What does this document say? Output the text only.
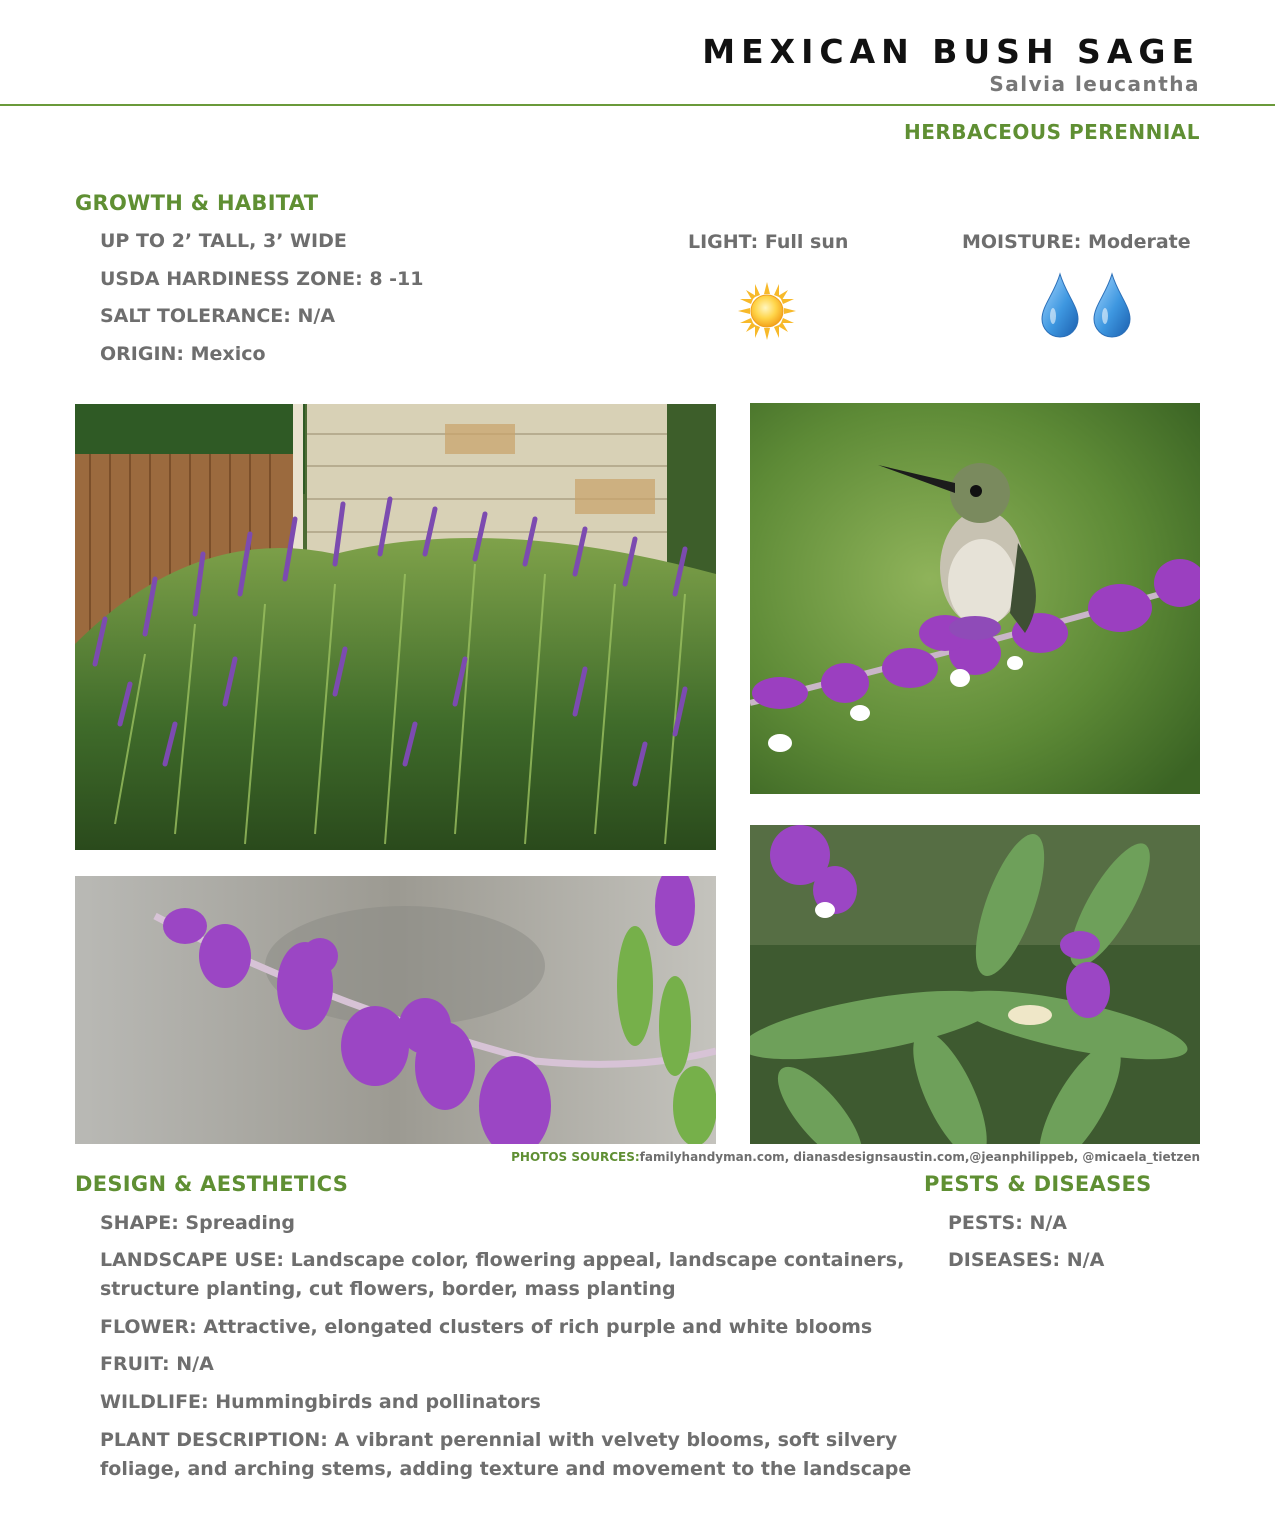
MEXICAN BUSH SAGE
Salvia leucantha
HERBACEOUS PERENNIAL
GROWTH & HABITAT
UP TO 2’ TALL, 3’ WIDE
USDA HARDINESS ZONE: 8 -11
SALT TOLERANCE: N/A
ORIGIN: Mexico
LIGHT: Full sun	MOISTURE: Moderate
PHOTOS SOURCES:familyhandyman.com, dianasdesignsaustin.com,@jeanphilippeb, @micaela_tietzen
DESIGN & AESTHETICS
SHAPE: Spreading
LANDSCAPE USE: Landscape color, flowering appeal, landscape containers, structure planting, cut flowers, border, mass planting
FLOWER: Attractive, elongated clusters of rich purple and white blooms
FRUIT: N/A
WILDLIFE: Hummingbirds and pollinators
PLANT DESCRIPTION: A vibrant perennial with velvety blooms, soft silvery foliage, and arching stems, adding texture and movement to the landscape
PESTS & DISEASES
PESTS: N/A
DISEASES: N/A
